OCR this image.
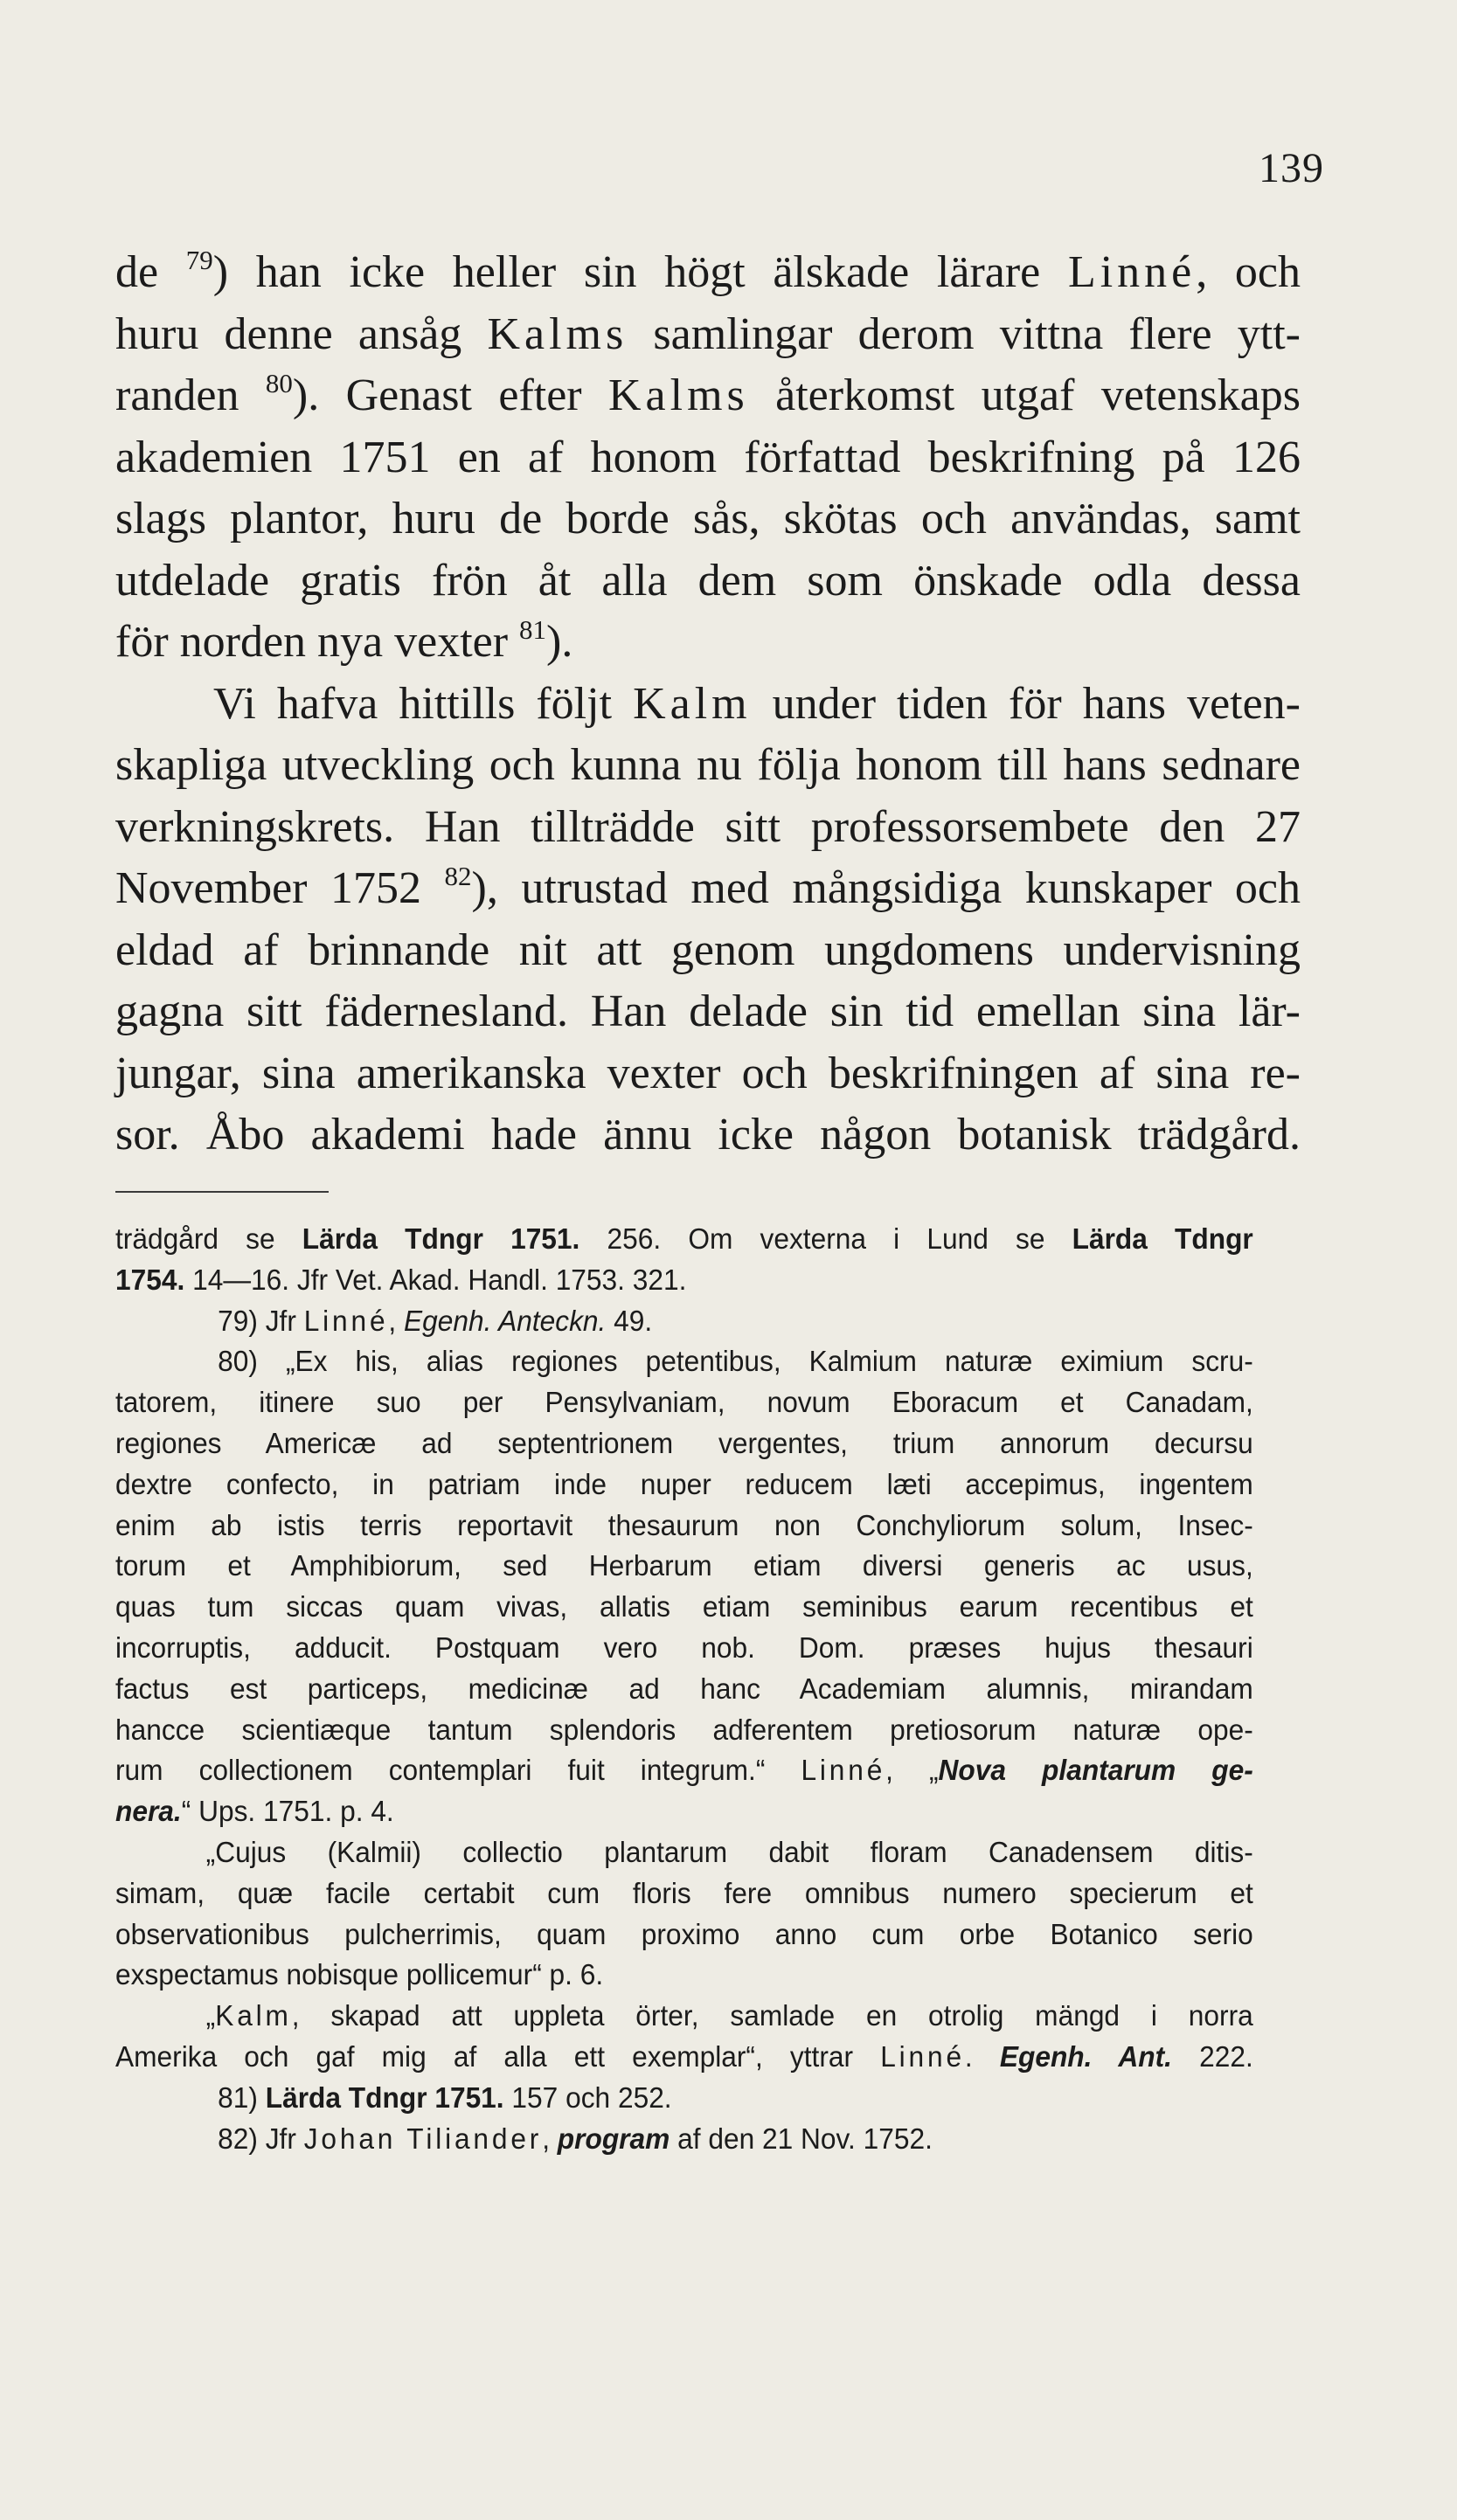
139
de $^{79}$) han icke heller sin högt älskade lärare Linné, och
huru denne ansåg Kalms samlingar derom vittna flere ytt-
randen $^{80}$). Genast efter Kalms återkomst utgaf vetenskaps
akademien 1751 en af honom författad beskrifning på 126
slags plantor, huru de borde sås, skötas och användas, samt
utdelade gratis frön åt alla dem som önskade odla dessa
för norden nya vexter $^{81}$).
Vi hafva hittills följt Kalm under tiden för hans veten-
skapliga utveckling och kunna nu följa honom till hans sednare
verkningskrets. Han tillträdde sitt professorsembete den 27
November 1752 $^{82}$), utrustad med mångsidiga kunskaper och
eldad af brinnande nit att genom ungdomens undervisning
gagna sitt fädernesland. Han delade sin tid emellan sina lär-
jungar, sina amerikanska vexter och beskrifningen af sina re-
sor. Åbo akademi hade ännu icke någon botanisk trädgård.
trädgård se Lärda Tdngr 1751. 256. Om vexterna i Lund se Lärda Tdngr
1754. 14—16. Jfr Vet. Akad. Handl. 1753. 321.
79) Jfr Linné, Egenh. Anteckn. 49.
80) „Ex his, alias regiones petentibus, Kalmium naturæ eximium scru-
tatorem, itinere suo per Pensylvaniam, novum Eboracum et Canadam,
regiones Americæ ad septentrionem vergentes, trium annorum decursu
dextre confecto, in patriam inde nuper reducem læti accepimus, ingentem
enim ab istis terris reportavit thesaurum non Conchyliorum solum, Insec-
torum et Amphibiorum, sed Herbarum etiam diversi generis ac usus,
quas tum siccas quam vivas, allatis etiam seminibus earum recentibus et
incorruptis, adducit. Postquam vero nob. Dom. præses hujus thesauri
factus est particeps, medicinæ ad hanc Academiam alumnis, mirandam
hancce scientiæque tantum splendoris adferentem pretiosorum naturæ ope-
rum collectionem contemplari fuit integrum.“ Linné, „Nova plantarum ge-
nera.“ Ups. 1751. p. 4.
„Cujus (Kalmii) collectio plantarum dabit floram Canadensem ditis-
simam, quæ facile certabit cum floris fere omnibus numero specierum et
observationibus pulcherrimis, quam proximo anno cum orbe Botanico serio
exspectamus nobisque pollicemur“ p. 6.
„Kalm, skapad att uppleta örter, samlade en otrolig mängd i norra
Amerika och gaf mig af alla ett exemplar“, yttrar Linné. Egenh. Ant. 222.
81) Lärda Tdngr 1751. 157 och 252.
82) Jfr Johan Tiliander, program af den 21 Nov. 1752.
